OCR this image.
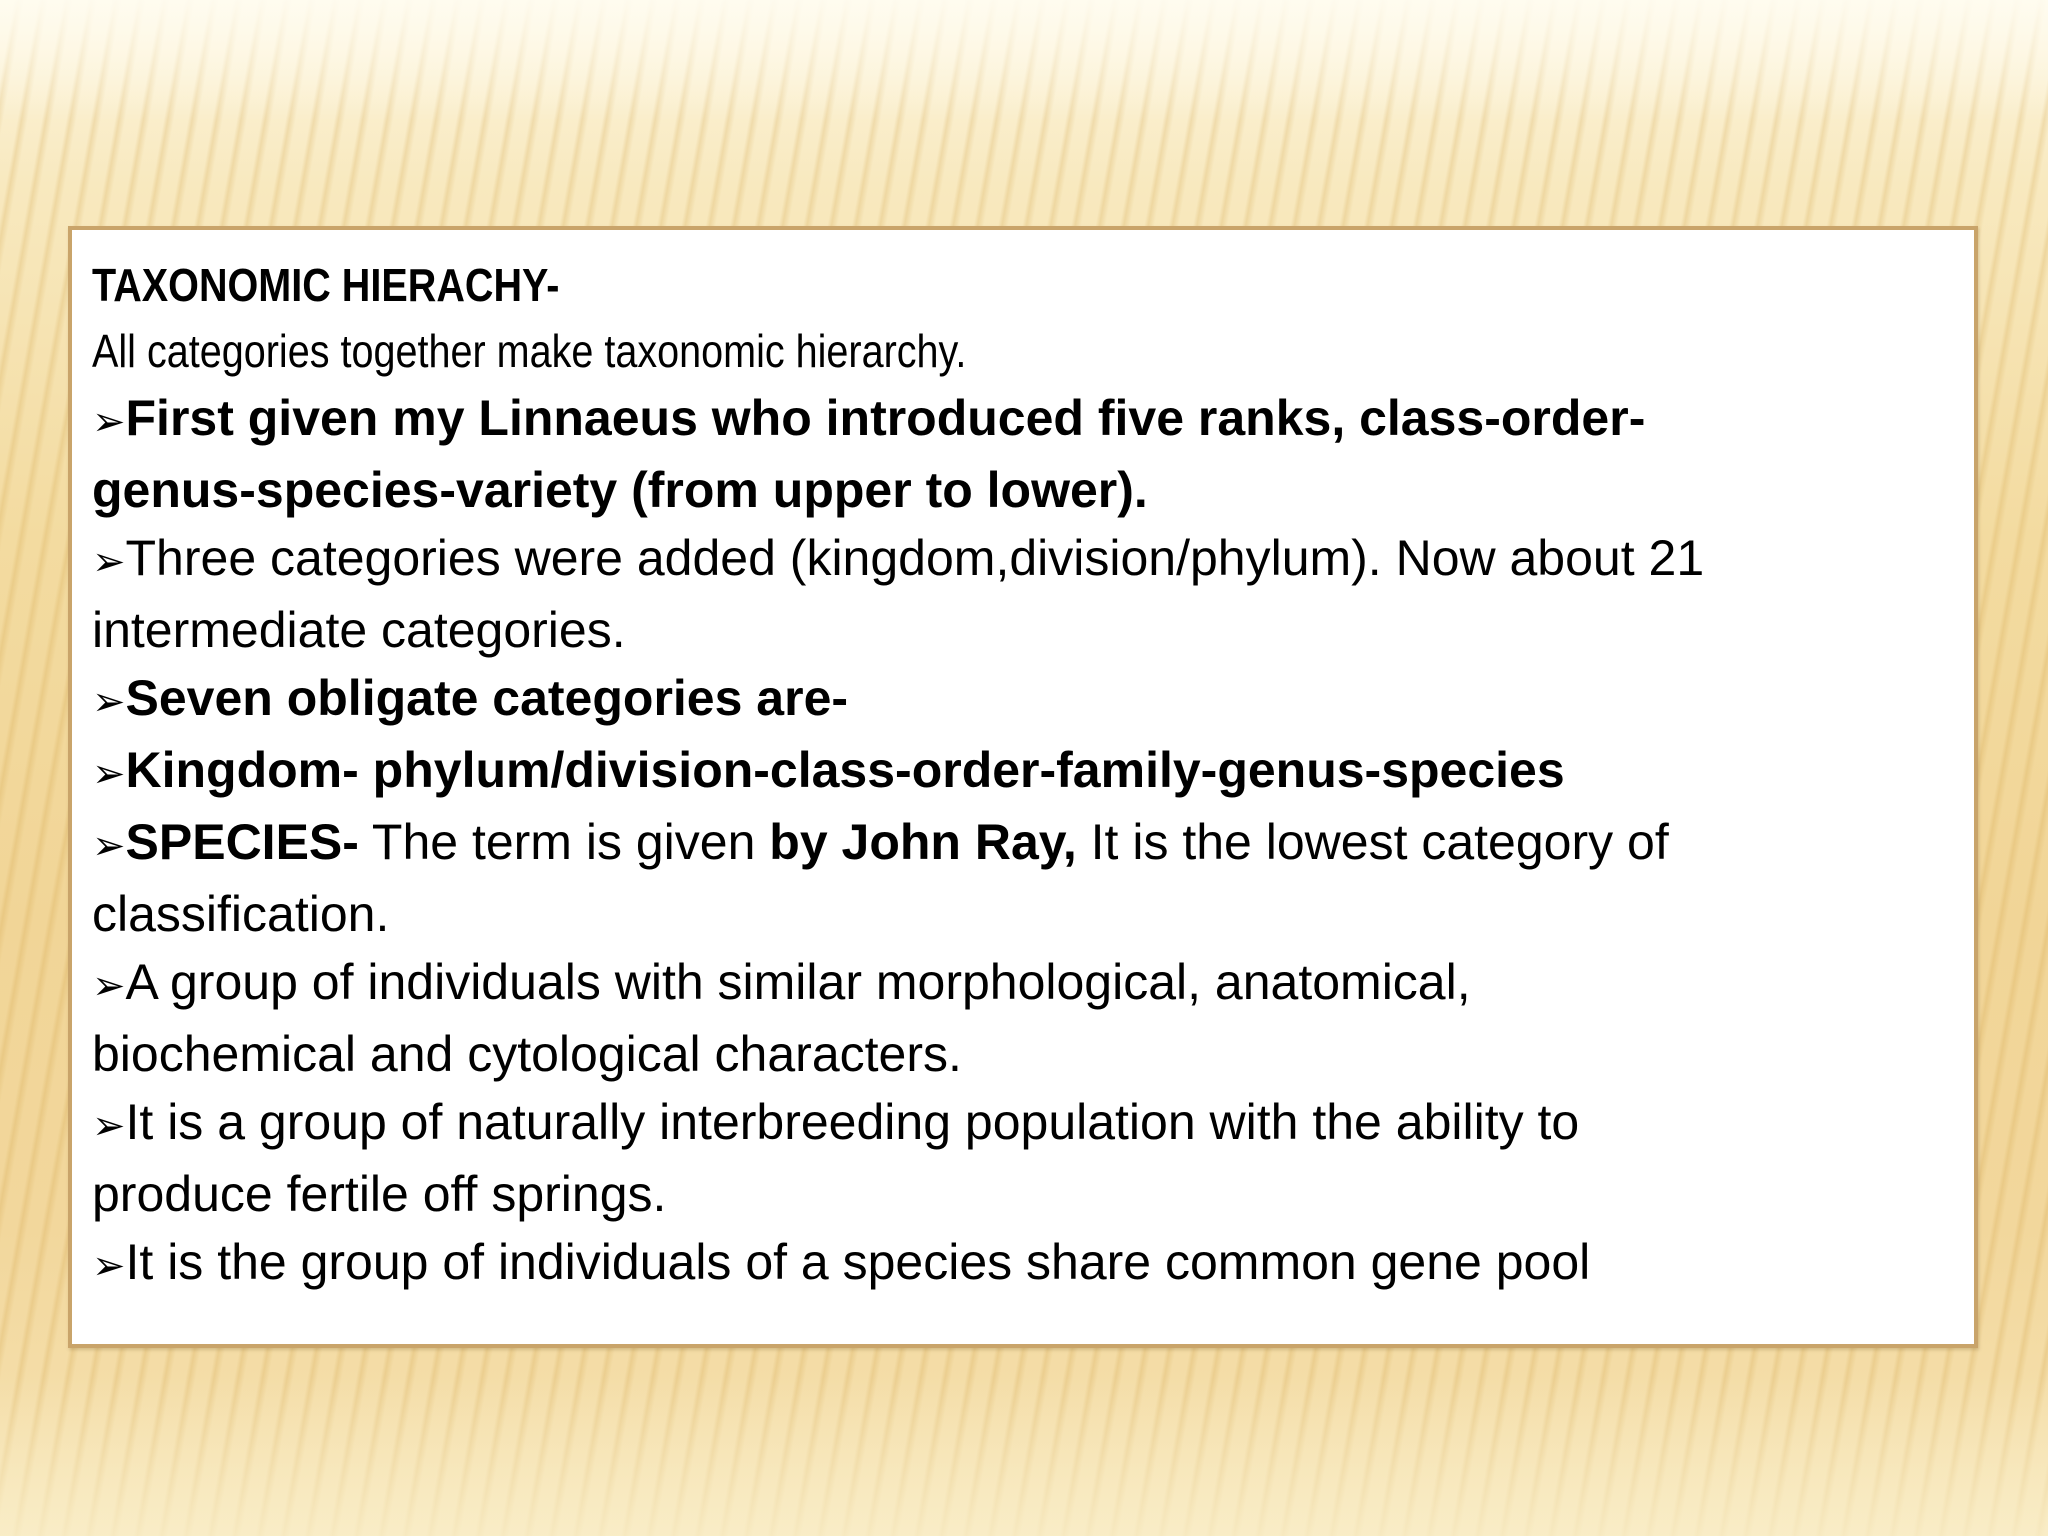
TAXONOMIC HIERACHY-
All categories together make taxonomic hierarchy.
➢First given my Linnaeus who introduced five ranks, class-order-
genus-species-variety (from upper to lower).
➢Three categories were added (kingdom,division/phylum). Now about 21
intermediate categories.
➢Seven obligate categories are-
➢Kingdom- phylum/division-class-order-family-genus-species
➢SPECIES- The term is given by John Ray, It is the lowest category of
classification.
➢A group of individuals with similar morphological, anatomical,
biochemical and cytological characters.
➢It is a group of naturally interbreeding population with the ability to
produce fertile off springs.
➢It is the group of individuals of a species share common gene pool
